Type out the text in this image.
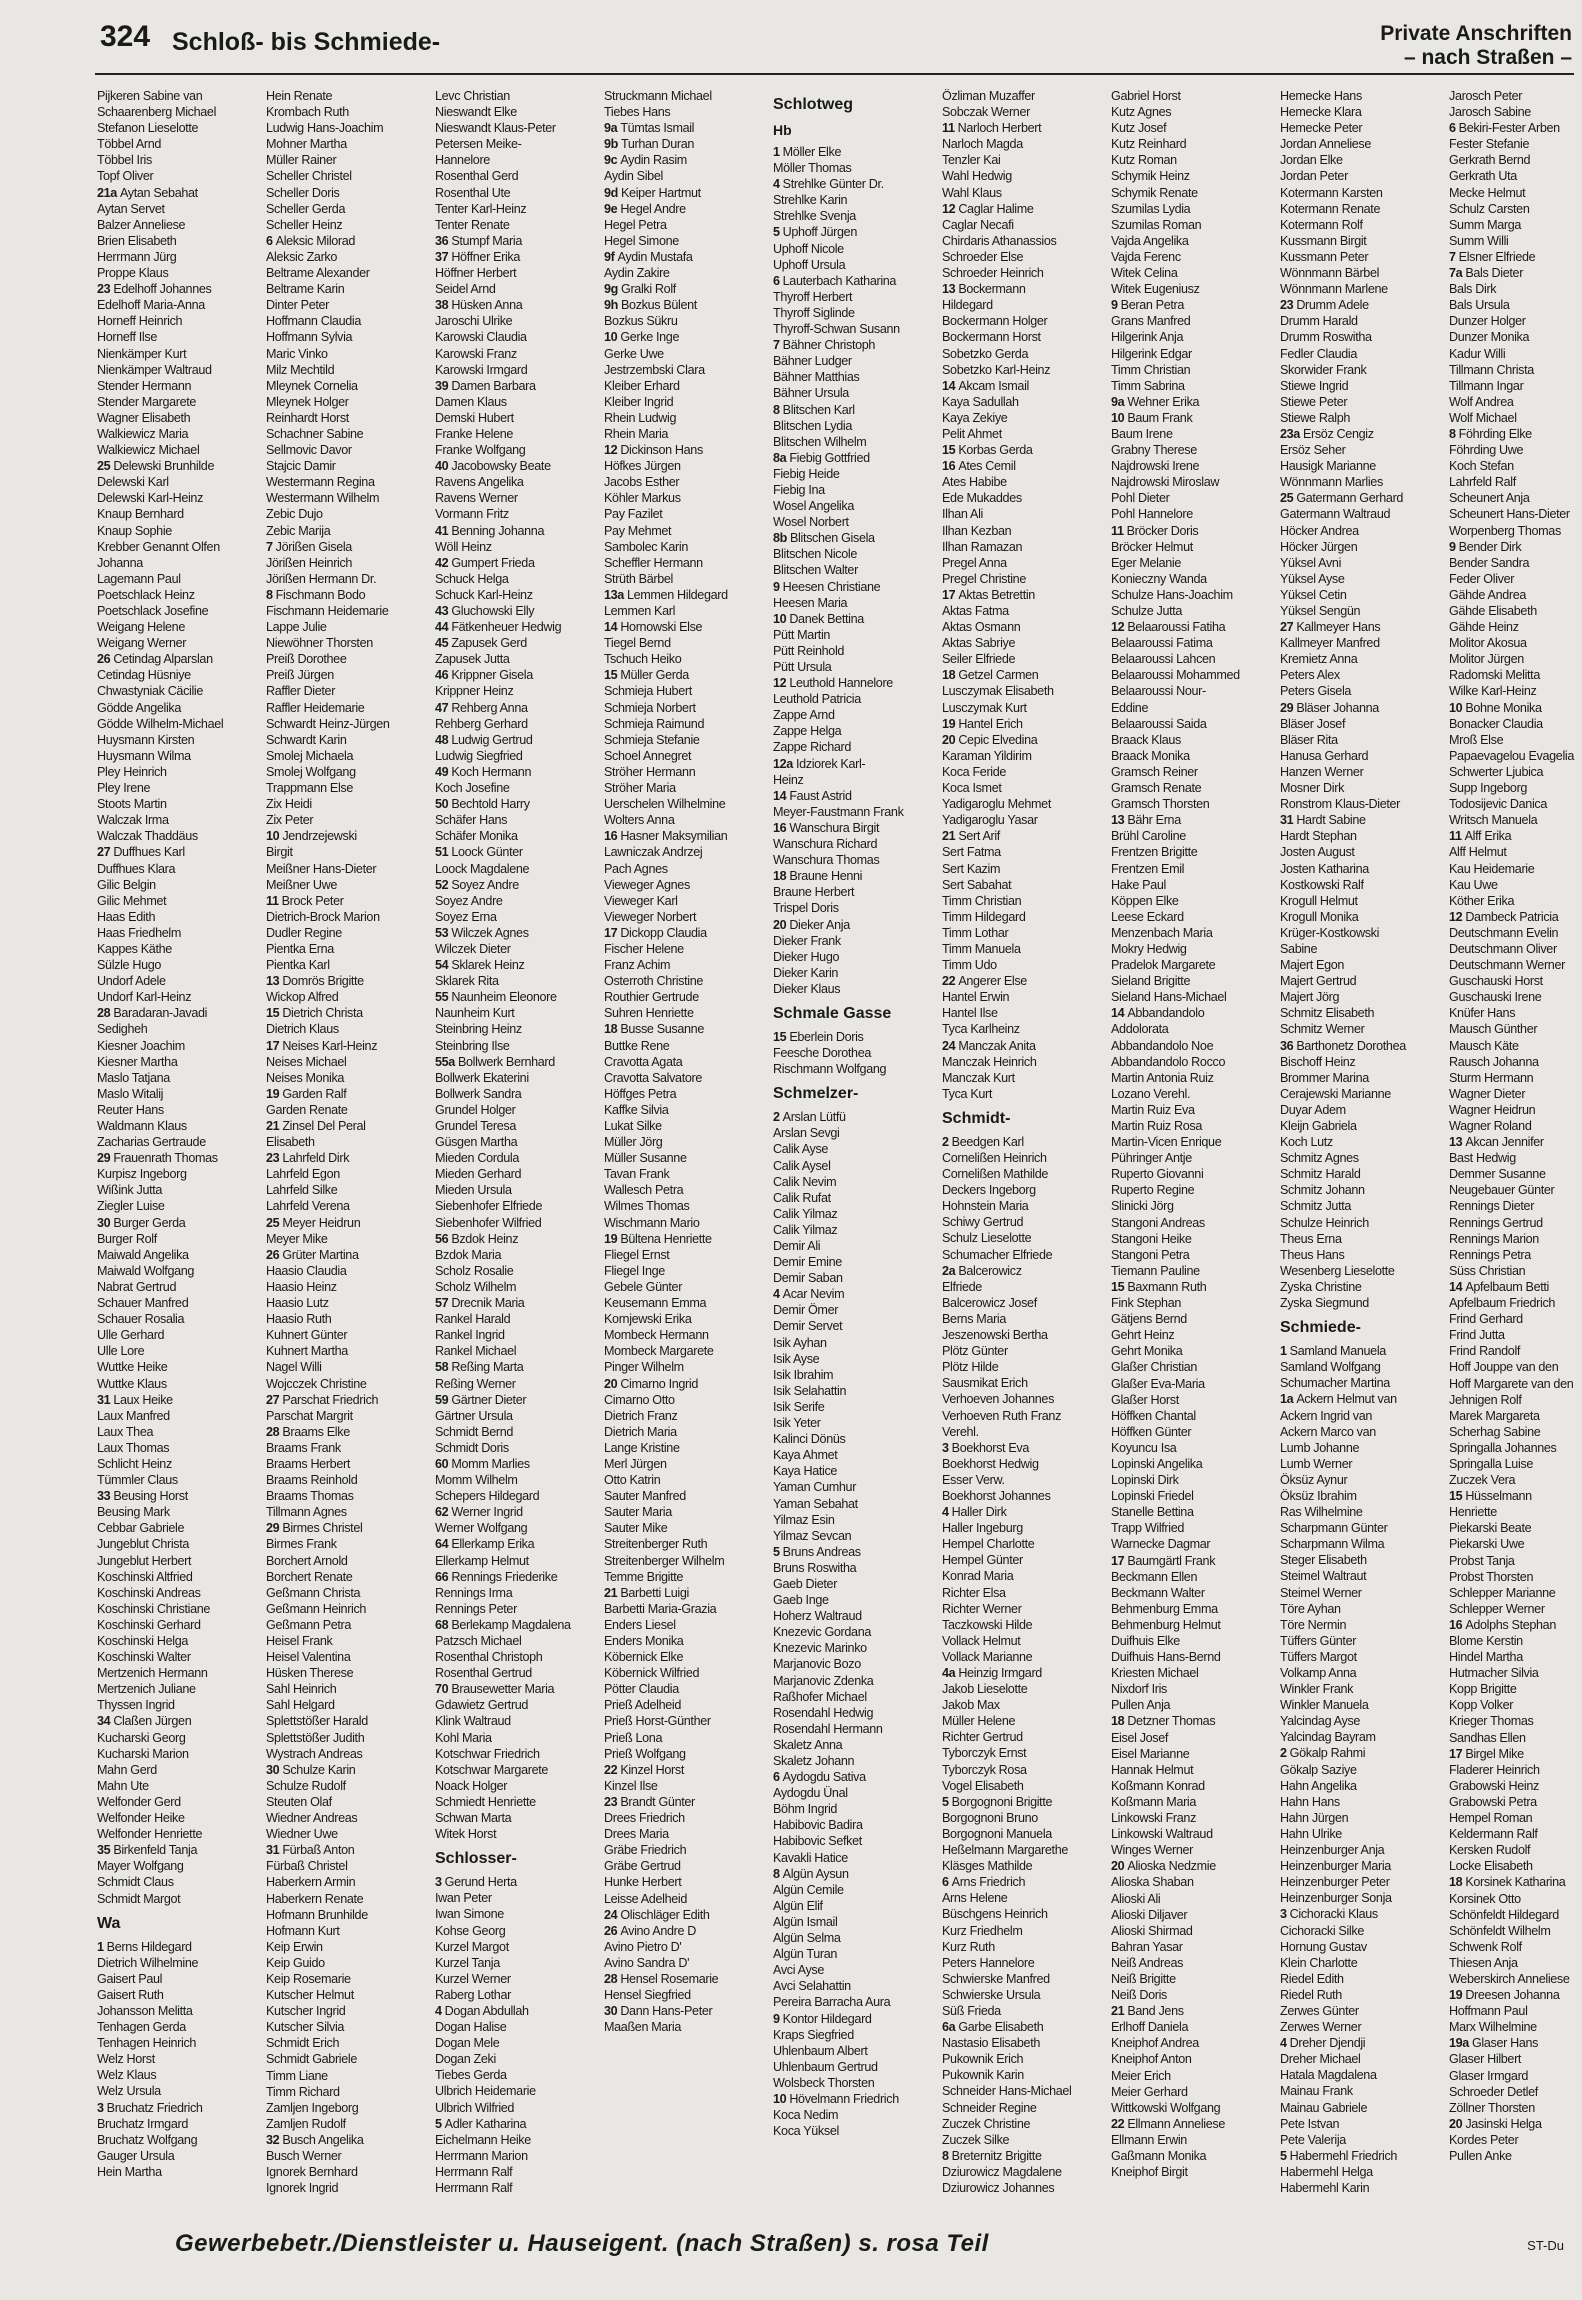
324 Schloß- bis Schmiede-	Private Anschriften
– nach Straßen –
Pijkeren Sabine van
Schaarenberg Michael
Stefanon Lieselotte
Többel Arnd
Többel Iris
Topf Oliver
21a Aytan Sebahat
Aytan Servet
Balzer Anneliese
Brien Elisabeth
Herrmann Jürg
Proppe Klaus
23 Edelhoff Johannes
Edelhoff Maria-Anna
Horneff Heinrich
Horneff Ilse
Nienkämper Kurt
Nienkämper Waltraud
Stender Hermann
Stender Margarete
Wagner Elisabeth
Walkiewicz Maria
Walkiewicz Michael
25 Delewski Brunhilde
Delewski Karl
Delewski Karl-Heinz
Knaup Bernhard
Knaup Sophie
Krebber Genannt Olfen
Johanna
Lagemann Paul
Poetschlack Heinz
Poetschlack Josefine
Weigang Helene
Weigang Werner
26 Cetindag Alparslan
Cetindag Hüsniye
Chwastyniak Cäcilie
Gödde Angelika
Gödde Wilhelm-Michael
Huysmann Kirsten
Huysmann Wilma
Pley Heinrich
Pley Irene
Stoots Martin
Walczak Irma
Walczak Thaddäus
27 Duffhues Karl
Duffhues Klara
Gilic Belgin
Gilic Mehmet
Haas Edith
Haas Friedhelm
Kappes Käthe
Sülzle Hugo
Undorf Adele
Undorf Karl-Heinz
28 Baradaran-Javadi
Sedigheh
Kiesner Joachim
Kiesner Martha
Maslo Tatjana
Maslo Witalij
Reuter Hans
Waldmann Klaus
Zacharias Gertraude
29 Frauenrath Thomas
Kurpisz Ingeborg
Wißink Jutta
Ziegler Luise
30 Burger Gerda
Burger Rolf
Maiwald Angelika
Maiwald Wolfgang
Nabrat Gertrud
Schauer Manfred
Schauer Rosalia
Ulle Gerhard
Ulle Lore
Wuttke Heike
Wuttke Klaus
31 Laux Heike
Laux Manfred
Laux Thea
Laux Thomas
Schlicht Heinz
Tümmler Claus
33 Beusing Horst
Beusing Mark
Cebbar Gabriele
Jungeblut Christa
Jungeblut Herbert
Koschinski Altfried
Koschinski Andreas
Koschinski Christiane
Koschinski Gerhard
Koschinski Helga
Koschinski Walter
Mertzenich Hermann
Mertzenich Juliane
Thyssen Ingrid
34 Claßen Jürgen
Kucharski Georg
Kucharski Marion
Mahn Gerd
Mahn Ute
Welfonder Gerd
Welfonder Heike
Welfonder Henriette
35 Birkenfeld Tanja
Mayer Wolfgang
Schmidt Claus
Schmidt Margot
Wa
1 Berns Hildegard
Dietrich Wilhelmine
Gaisert Paul
Gaisert Ruth
Johansson Melitta
Tenhagen Gerda
Tenhagen Heinrich
Welz Horst
Welz Klaus
Welz Ursula
3 Bruchatz Friedrich
Bruchatz Irmgard
Bruchatz Wolfgang
Gauger Ursula
Hein Martha
Hein Renate
Krombach Ruth
Ludwig Hans-Joachim
Mohner Martha
Müller Rainer
Scheller Christel
Scheller Doris
Scheller Gerda
Scheller Heinz
6 Aleksic Milorad
Aleksic Zarko
Beltrame Alexander
Beltrame Karin
Dinter Peter
Hoffmann Claudia
Hoffmann Sylvia
Maric Vinko
Milz Mechtild
Mleynek Cornelia
Mleynek Holger
Reinhardt Horst
Schachner Sabine
Sellmovic Davor
Stajcic Damir
Westermann Regina
Westermann Wilhelm
Zebic Dujo
Zebic Marija
7 Jörißen Gisela
Jörißen Heinrich
Jörißen Hermann Dr.
8 Fischmann Bodo
Fischmann Heidemarie
Lappe Julie
Niewöhner Thorsten
Preiß Dorothee
Preiß Jürgen
Raffler Dieter
Raffler Heidemarie
Schwardt Heinz-Jürgen
Schwardt Karin
Smolej Michaela
Smolej Wolfgang
Trappmann Else
Zix Heidi
Zix Peter
10 Jendrzejewski
Birgit
Meißner Hans-Dieter
Meißner Uwe
11 Brock Peter
Dietrich-Brock Marion
Dudler Regine
Pientka Erna
Pientka Karl
13 Domrös Brigitte
Wickop Alfred
15 Dietrich Christa
Dietrich Klaus
17 Neises Karl-Heinz
Neises Michael
Neises Monika
19 Garden Ralf
Garden Renate
21 Zinsel Del Peral
Elisabeth
23 Lahrfeld Dirk
Lahrfeld Egon
Lahrfeld Silke
Lahrfeld Verena
25 Meyer Heidrun
Meyer Mike
26 Grüter Martina
Haasio Claudia
Haasio Heinz
Haasio Lutz
Haasio Ruth
Kuhnert Günter
Kuhnert Martha
Nagel Willi
Wojcczek Christine
27 Parschat Friedrich
Parschat Margrit
28 Braams Elke
Braams Frank
Braams Herbert
Braams Reinhold
Braams Thomas
Tillmann Agnes
29 Birmes Christel
Birmes Frank
Borchert Arnold
Borchert Renate
Geßmann Christa
Geßmann Heinrich
Geßmann Petra
Heisel Frank
Heisel Valentina
Hüsken Therese
Sahl Heinrich
Sahl Helgard
Splettstößer Harald
Splettstößer Judith
Wystrach Andreas
30 Schulze Karin
Schulze Rudolf
Steuten Olaf
Wiedner Andreas
Wiedner Uwe
31 Fürbaß Anton
Fürbaß Christel
Haberkern Armin
Haberkern Renate
Hofmann Brunhilde
Hofmann Kurt
Keip Erwin
Keip Guido
Keip Rosemarie
Kutscher Helmut
Kutscher Ingrid
Kutscher Silvia
Schmidt Erich
Schmidt Gabriele
Timm Liane
Timm Richard
Zamljen Ingeborg
Zamljen Rudolf
32 Busch Angelika
Busch Werner
Ignorek Bernhard
Ignorek Ingrid
Levc Christian
Nieswandt Elke
Nieswandt Klaus-Peter
Petersen Meike-
Hannelore
Rosenthal Gerd
Rosenthal Ute
Tenter Karl-Heinz
Tenter Renate
36 Stumpf Maria
37 Höffner Erika
Höffner Herbert
Seidel Arnd
38 Hüsken Anna
Jaroschi Ulrike
Karowski Claudia
Karowski Franz
Karowski Irmgard
39 Damen Barbara
Damen Klaus
Demski Hubert
Franke Helene
Franke Wolfgang
40 Jacobowsky Beate
Ravens Angelika
Ravens Werner
Vormann Fritz
41 Benning Johanna
Wöll Heinz
42 Gumpert Frieda
Schuck Helga
Schuck Karl-Heinz
43 Gluchowski Elly
44 Fätkenheuer Hedwig
45 Zapusek Gerd
Zapusek Jutta
46 Krippner Gisela
Krippner Heinz
47 Rehberg Anna
Rehberg Gerhard
48 Ludwig Gertrud
Ludwig Siegfried
49 Koch Hermann
Koch Josefine
50 Bechtold Harry
Schäfer Hans
Schäfer Monika
51 Loock Günter
Loock Magdalene
52 Soyez Andre
Soyez Andre
Soyez Erna
53 Wilczek Agnes
Wilczek Dieter
54 Sklarek Heinz
Sklarek Rita
55 Naunheim Eleonore
Naunheim Kurt
Steinbring Heinz
Steinbring Ilse
55a Bollwerk Bernhard
Bollwerk Ekaterini
Bollwerk Sandra
Grundel Holger
Grundel Teresa
Güsgen Martha
Mieden Cordula
Mieden Gerhard
Mieden Ursula
Siebenhofer Elfriede
Siebenhofer Wilfried
56 Bzdok Heinz
Bzdok Maria
Scholz Rosalie
Scholz Wilhelm
57 Drecnik Maria
Rankel Harald
Rankel Ingrid
Rankel Michael
58 Reßing Marta
Reßing Werner
59 Gärtner Dieter
Gärtner Ursula
Schmidt Bernd
Schmidt Doris
60 Momm Marlies
Momm Wilhelm
Schepers Hildegard
62 Werner Ingrid
Werner Wolfgang
64 Ellerkamp Erika
Ellerkamp Helmut
66 Rennings Friederike
Rennings Irma
Rennings Peter
68 Berlekamp Magdalena
Patzsch Michael
Rosenthal Christoph
Rosenthal Gertrud
70 Brausewetter Maria
Gdawietz Gertrud
Klink Waltraud
Kohl Maria
Kotschwar Friedrich
Kotschwar Margarete
Noack Holger
Schmiedt Henriette
Schwan Marta
Witek Horst
Schlosser-
3 Gerund Herta
Iwan Peter
Iwan Simone
Kohse Georg
Kurzel Margot
Kurzel Tanja
Kurzel Werner
Raberg Lothar
4 Dogan Abdullah
Dogan Halise
Dogan Mele
Dogan Zeki
Tiebes Gerda
Ulbrich Heidemarie
Ulbrich Wilfried
5 Adler Katharina
Eichelmann Heike
Herrmann Marion
Herrmann Ralf
Herrmann Ralf
Struckmann Michael
Tiebes Hans
9a Tümtas Ismail
9b Turhan Duran
9c Aydin Rasim
Aydin Sibel
9d Keiper Hartmut
9e Hegel Andre
Hegel Petra
Hegel Simone
9f Aydin Mustafa
Aydin Zakire
9g Gralki Rolf
9h Bozkus Bülent
Bozkus Sükru
10 Gerke Inge
Gerke Uwe
Jestrzembski Clara
Kleiber Erhard
Kleiber Ingrid
Rhein Ludwig
Rhein Maria
12 Dickinson Hans
Höfkes Jürgen
Jacobs Esther
Köhler Markus
Pay Fazilet
Pay Mehmet
Sambolec Karin
Scheffler Hermann
Strüth Bärbel
13a Lemmen Hildegard
Lemmen Karl
14 Hornowski Else
Tiegel Bernd
Tschuch Heiko
15 Müller Gerda
Schmieja Hubert
Schmieja Norbert
Schmieja Raimund
Schmieja Stefanie
Schoel Annegret
Ströher Hermann
Ströher Maria
Uerschelen Wilhelmine
Wolters Anna
16 Hasner Maksymilian
Lawniczak Andrzej
Pach Agnes
Vieweger Agnes
Vieweger Karl
Vieweger Norbert
17 Dickopp Claudia
Fischer Helene
Franz Achim
Osterroth Christine
Routhier Gertrude
Suhren Henriette
18 Busse Susanne
Buttke Rene
Cravotta Agata
Cravotta Salvatore
Höffges Petra
Kaffke Silvia
Lukat Silke
Müller Jörg
Müller Susanne
Tavan Frank
Wallesch Petra
Wilmes Thomas
Wischmann Mario
19 Bültena Henriette
Fliegel Ernst
Fliegel Inge
Gebele Günter
Keusemann Emma
Kornjewski Erika
Mombeck Hermann
Mombeck Margarete
Pinger Wilhelm
20 Cimarno Ingrid
Cimarno Otto
Dietrich Franz
Dietrich Maria
Lange Kristine
Merl Jürgen
Otto Katrin
Sauter Manfred
Sauter Maria
Sauter Mike
Streitenberger Ruth
Streitenberger Wilhelm
Temme Brigitte
21 Barbetti Luigi
Barbetti Maria-Grazia
Enders Liesel
Enders Monika
Köbernick Elke
Köbernick Wilfried
Pötter Claudia
Prieß Adelheid
Prieß Horst-Günther
Prieß Lona
Prieß Wolfgang
22 Kinzel Horst
Kinzel Ilse
23 Brandt Günter
Drees Friedrich
Drees Maria
Gräbe Friedrich
Gräbe Gertrud
Hunke Herbert
Leisse Adelheid
24 Olischläger Edith
26 Avino Andre D
Avino Pietro D'
Avino Sandra D'
28 Hensel Rosemarie
Hensel Siegfried
30 Dann Hans-Peter
Maaßen Maria
Schlotweg
Hb
1 Möller Elke
Möller Thomas
4 Strehlke Günter Dr.
Strehlke Karin
Strehlke Svenja
5 Uphoff Jürgen
Uphoff Nicole
Uphoff Ursula
6 Lauterbach Katharina
Thyroff Herbert
Thyroff Siglinde
Thyroff-Schwan Susann
7 Bähner Christoph
Bähner Ludger
Bähner Matthias
Bähner Ursula
8 Blitschen Karl
Blitschen Lydia
Blitschen Wilhelm
8a Fiebig Gottfried
Fiebig Heide
Fiebig Ina
Wosel Angelika
Wosel Norbert
8b Blitschen Gisela
Blitschen Nicole
Blitschen Walter
9 Heesen Christiane
Heesen Maria
10 Danek Bettina
Pütt Martin
Pütt Reinhold
Pütt Ursula
12 Leuthold Hannelore
Leuthold Patricia
Zappe Arnd
Zappe Helga
Zappe Richard
12a Idziorek Karl-
Heinz
14 Faust Astrid
Meyer-Faustmann Frank
16 Wanschura Birgit
Wanschura Richard
Wanschura Thomas
18 Braune Henni
Braune Herbert
Trispel Doris
20 Dieker Anja
Dieker Frank
Dieker Hugo
Dieker Karin
Dieker Klaus
Schmale Gasse
15 Eberlein Doris
Feesche Dorothea
Rischmann Wolfgang
Schmelzer-
2 Arslan Lütfü
Arslan Sevgi
Calik Ayse
Calik Aysel
Calik Nevim
Calik Rufat
Calik Yilmaz
Calik Yilmaz
Demir Ali
Demir Emine
Demir Saban
4 Acar Nevim
Demir Ömer
Demir Servet
Isik Ayhan
Isik Ayse
Isik Ibrahim
Isik Selahattin
Isik Serife
Isik Yeter
Kalinci Dönüs
Kaya Ahmet
Kaya Hatice
Yaman Cumhur
Yaman Sebahat
Yilmaz Esin
Yilmaz Sevcan
5 Bruns Andreas
Bruns Roswitha
Gaeb Dieter
Gaeb Inge
Hoherz Waltraud
Knezevic Gordana
Knezevic Marinko
Marjanovic Bozo
Marjanovic Zdenka
Raßhofer Michael
Rosendahl Hedwig
Rosendahl Hermann
Skaletz Anna
Skaletz Johann
6 Aydogdu Sativa
Aydogdu Ünal
Böhm Ingrid
Habibovic Badira
Habibovic Sefket
Kavakli Hatice
8 Algün Aysun
Algün Cemile
Algün Elif
Algün Ismail
Algün Selma
Algün Turan
Avci Ayse
Avci Selahattin
Pereira Barracha Aura
9 Kontor Hildegard
Kraps Siegfried
Uhlenbaum Albert
Uhlenbaum Gertrud
Wolsbeck Thorsten
10 Hövelmann Friedrich
Koca Nedim
Koca Yüksel
Özliman Muzaffer
Sobczak Werner
11 Narloch Herbert
Narloch Magda
Tenzler Kai
Wahl Hedwig
Wahl Klaus
12 Caglar Halime
Caglar Necafi
Chirdaris Athanassios
Schroeder Else
Schroeder Heinrich
13 Bockermann
Hildegard
Bockermann Holger
Bockermann Horst
Sobetzko Gerda
Sobetzko Karl-Heinz
14 Akcam Ismail
Kaya Sadullah
Kaya Zekiye
Pelit Ahmet
15 Korbas Gerda
16 Ates Cemil
Ates Habibe
Ede Mukaddes
Ilhan Ali
Ilhan Kezban
Ilhan Ramazan
Pregel Anna
Pregel Christine
17 Aktas Betrettin
Aktas Fatma
Aktas Osmann
Aktas Sabriye
Seiler Elfriede
18 Getzel Carmen
Lusczymak Elisabeth
Lusczymak Kurt
19 Hantel Erich
20 Cepic Elvedina
Karaman Yildirim
Koca Feride
Koca Ismet
Yadigaroglu Mehmet
Yadigaroglu Yasar
21 Sert Arif
Sert Fatma
Sert Kazim
Sert Sabahat
Timm Christian
Timm Hildegard
Timm Lothar
Timm Manuela
Timm Udo
22 Angerer Else
Hantel Erwin
Hantel Ilse
Tyca Karlheinz
24 Manczak Anita
Manczak Heinrich
Manczak Kurt
Tyca Kurt
Schmidt-
2 Beedgen Karl
Cornelißen Heinrich
Cornelißen Mathilde
Deckers Ingeborg
Hohnstein Maria
Schiwy Gertrud
Schulz Lieselotte
Schumacher Elfriede
2a Balcerowicz
Elfriede
Balcerowicz Josef
Berns Maria
Jeszenowski Bertha
Plötz Günter
Plötz Hilde
Sausmikat Erich
Verhoeven Johannes
Verhoeven Ruth Franz
Verehl.
3 Boekhorst Eva
Boekhorst Hedwig
Esser Verw.
Boekhorst Johannes
4 Haller Dirk
Haller Ingeburg
Hempel Charlotte
Hempel Günter
Konrad Maria
Richter Elsa
Richter Werner
Taczkowski Hilde
Vollack Helmut
Vollack Marianne
4a Heinzig Irmgard
Jakob Lieselotte
Jakob Max
Müller Helene
Richter Gertrud
Tyborczyk Ernst
Tyborczyk Rosa
Vogel Elisabeth
5 Borgognoni Brigitte
Borgognoni Bruno
Borgognoni Manuela
Heßelmann Margarethe
Kläsges Mathilde
6 Arns Friedrich
Arns Helene
Büschgens Heinrich
Kurz Friedhelm
Kurz Ruth
Peters Hannelore
Schwierske Manfred
Schwierske Ursula
Süß Frieda
6a Garbe Elisabeth
Nastasio Elisabeth
Pukownik Erich
Pukownik Karin
Schneider Hans-Michael
Schneider Regine
Zuczek Christine
Zuczek Silke
8 Breternitz Brigitte
Dziurowicz Magdalene
Dziurowicz Johannes
Gabriel Horst
Kutz Agnes
Kutz Josef
Kutz Reinhard
Kutz Roman
Schymik Heinz
Schymik Renate
Szumilas Lydia
Szumilas Roman
Vajda Angelika
Vajda Ferenc
Witek Celina
Witek Eugeniusz
9 Beran Petra
Grans Manfred
Hilgerink Anja
Hilgerink Edgar
Timm Christian
Timm Sabrina
9a Wehner Erika
10 Baum Frank
Baum Irene
Grabny Therese
Najdrowski Irene
Najdrowski Miroslaw
Pohl Dieter
Pohl Hannelore
11 Bröcker Doris
Bröcker Helmut
Eger Melanie
Konieczny Wanda
Schulze Hans-Joachim
Schulze Jutta
12 Belaaroussi Fatiha
Belaaroussi Fatima
Belaaroussi Lahcen
Belaaroussi Mohammed
Belaaroussi Nour-
Eddine
Belaaroussi Saida
Braack Klaus
Braack Monika
Gramsch Reiner
Gramsch Renate
Gramsch Thorsten
13 Bähr Erna
Brühl Caroline
Frentzen Brigitte
Frentzen Emil
Hake Paul
Köppen Elke
Leese Eckard
Menzenbach Maria
Mokry Hedwig
Pradelok Margarete
Sieland Brigitte
Sieland Hans-Michael
14 Abbandandolo
Addolorata
Abbandandolo Noe
Abbandandolo Rocco
Martin Antonia Ruiz
Lozano Verehl.
Martin Ruiz Eva
Martin Ruiz Rosa
Martin-Vicen Enrique
Pühringer Antje
Ruperto Giovanni
Ruperto Regine
Slinicki Jörg
Stangoni Andreas
Stangoni Heike
Stangoni Petra
Tiemann Pauline
15 Baxmann Ruth
Fink Stephan
Gätjens Bernd
Gehrt Heinz
Gehrt Monika
Glaßer Christian
Glaßer Eva-Maria
Glaßer Horst
Höffken Chantal
Höffken Günter
Koyuncu Isa
Lopinski Angelika
Lopinski Dirk
Lopinski Friedel
Stanelle Bettina
Trapp Wilfried
Warnecke Dagmar
17 Baumgärtl Frank
Beckmann Ellen
Beckmann Walter
Behmenburg Emma
Behmenburg Helmut
Duifhuis Elke
Duifhuis Hans-Bernd
Kriesten Michael
Nixdorf Iris
Pullen Anja
18 Detzner Thomas
Eisel Josef
Eisel Marianne
Hannak Helmut
Koßmann Konrad
Koßmann Maria
Linkowski Franz
Linkowski Waltraud
Winges Werner
20 Alioska Nedzmie
Alioska Shaban
Alioski Ali
Alioski Diljaver
Alioski Shirmad
Bahran Yasar
Neiß Andreas
Neiß Brigitte
Neiß Doris
21 Band Jens
Erlhoff Daniela
Kneiphof Andrea
Kneiphof Anton
Meier Erich
Meier Gerhard
Wittkowski Wolfgang
22 Ellmann Anneliese
Ellmann Erwin
Gaßmann Monika
Kneiphof Birgit
Hemecke Hans
Hemecke Klara
Hemecke Peter
Jordan Anneliese
Jordan Elke
Jordan Peter
Kotermann Karsten
Kotermann Renate
Kotermann Rolf
Kussmann Birgit
Kussmann Peter
Wönnmann Bärbel
Wönnmann Marlene
23 Drumm Adele
Drumm Harald
Drumm Roswitha
Fedler Claudia
Skorwider Frank
Stiewe Ingrid
Stiewe Peter
Stiewe Ralph
23a Ersöz Cengiz
Ersöz Seher
Hausigk Marianne
Wönnmann Marlies
25 Gatermann Gerhard
Gatermann Waltraud
Höcker Andrea
Höcker Jürgen
Yüksel Avni
Yüksel Ayse
Yüksel Cetin
Yüksel Sengün
27 Kallmeyer Hans
Kallmeyer Manfred
Kremietz Anna
Peters Alex
Peters Gisela
29 Bläser Johanna
Bläser Josef
Bläser Rita
Hanusa Gerhard
Hanzen Werner
Mosner Dirk
Ronstrom Klaus-Dieter
31 Hardt Sabine
Hardt Stephan
Josten August
Josten Katharina
Kostkowski Ralf
Krogull Helmut
Krogull Monika
Krüger-Kostkowski
Sabine
Majert Egon
Majert Gertrud
Majert Jörg
Schmitz Elisabeth
Schmitz Werner
36 Barthonetz Dorothea
Bischoff Heinz
Brommer Marina
Cerajewski Marianne
Duyar Adem
Kleijn Gabriela
Koch Lutz
Schmitz Agnes
Schmitz Harald
Schmitz Johann
Schmitz Jutta
Schulze Heinrich
Theus Erna
Theus Hans
Wesenberg Lieselotte
Zyska Christine
Zyska Siegmund
Schmiede-
1 Samland Manuela
Samland Wolfgang
Schumacher Martina
1a Ackern Helmut van
Ackern Ingrid van
Ackern Marco van
Lumb Johanne
Lumb Werner
Öksüz Aynur
Öksüz Ibrahim
Ras Wilhelmine
Scharpmann Günter
Scharpmann Wilma
Steger Elisabeth
Steimel Waltraut
Steimel Werner
Töre Ayhan
Töre Nermin
Tüffers Günter
Tüffers Margot
Volkamp Anna
Winkler Frank
Winkler Manuela
Yalcindag Ayse
Yalcindag Bayram
2 Gökalp Rahmi
Gökalp Saziye
Hahn Angelika
Hahn Hans
Hahn Jürgen
Hahn Ulrike
Heinzenburger Anja
Heinzenburger Maria
Heinzenburger Peter
Heinzenburger Sonja
3 Cichoracki Klaus
Cichoracki Silke
Hornung Gustav
Klein Charlotte
Riedel Edith
Riedel Ruth
Zerwes Günter
Zerwes Werner
4 Dreher Djendji
Dreher Michael
Hatala Magdalena
Mainau Frank
Mainau Gabriele
Pete Istvan
Pete Valerija
5 Habermehl Friedrich
Habermehl Helga
Habermehl Karin
Jarosch Peter
Jarosch Sabine
6 Bekiri-Fester Arben
Fester Stefanie
Gerkrath Bernd
Gerkrath Uta
Mecke Helmut
Schulz Carsten
Summ Marga
Summ Willi
7 Elsner Elfriede
7a Bals Dieter
Bals Dirk
Bals Ursula
Dunzer Holger
Dunzer Monika
Kadur Willi
Tillmann Christa
Tillmann Ingar
Wolf Andrea
Wolf Michael
8 Föhrding Elke
Föhrding Uwe
Koch Stefan
Lahrfeld Ralf
Scheunert Anja
Scheunert Hans-Dieter
Worpenberg Thomas
9 Bender Dirk
Bender Sandra
Feder Oliver
Gähde Andrea
Gähde Elisabeth
Gähde Heinz
Molitor Akosua
Molitor Jürgen
Radomski Melitta
Wilke Karl-Heinz
10 Bohne Monika
Bonacker Claudia
Mroß Else
Papaevagelou Evagelia
Schwerter Ljubica
Supp Ingeborg
Todosijevic Danica
Writsch Manuela
11 Alff Erika
Alff Helmut
Kau Heidemarie
Kau Uwe
Köther Erika
12 Dambeck Patricia
Deutschmann Evelin
Deutschmann Oliver
Deutschmann Werner
Guschauski Horst
Guschauski Irene
Knüfer Hans
Mausch Günther
Mausch Käte
Rausch Johanna
Sturm Hermann
Wagner Dieter
Wagner Heidrun
Wagner Roland
13 Akcan Jennifer
Bast Hedwig
Demmer Susanne
Neugebauer Günter
Rennings Dieter
Rennings Gertrud
Rennings Marion
Rennings Petra
Süss Christian
14 Apfelbaum Betti
Apfelbaum Friedrich
Frind Gerhard
Frind Jutta
Frind Randolf
Hoff Jouppe van den
Hoff Margarete van den
Jehnigen Rolf
Marek Margareta
Scherhag Sabine
Springalla Johannes
Springalla Luise
Zuczek Vera
15 Hüsselmann
Henriette
Piekarski Beate
Piekarski Uwe
Probst Tanja
Probst Thorsten
Schlepper Marianne
Schlepper Werner
16 Adolphs Stephan
Blome Kerstin
Hindel Martha
Hutmacher Silvia
Kopp Brigitte
Kopp Volker
Krieger Thomas
Sandhas Ellen
17 Birgel Mike
Fladerer Heinrich
Grabowski Heinz
Grabowski Petra
Hempel Roman
Keldermann Ralf
Kersken Rudolf
Locke Elisabeth
18 Korsinek Katharina
Korsinek Otto
Schönfeldt Hildegard
Schönfeldt Wilhelm
Schwenk Rolf
Thiesen Anja
Weberskirch Anneliese
19 Dreesen Johanna
Hoffmann Paul
Marx Wilhelmine
19a Glaser Hans
Glaser Hilbert
Glaser Irmgard
Schroeder Detlef
Zöllner Thorsten
20 Jasinski Helga
Kordes Peter
Pullen Anke
Gewerbebetr./Dienstleister u. Hauseigent. (nach Straßen) s. rosa Teil	ST-Du
